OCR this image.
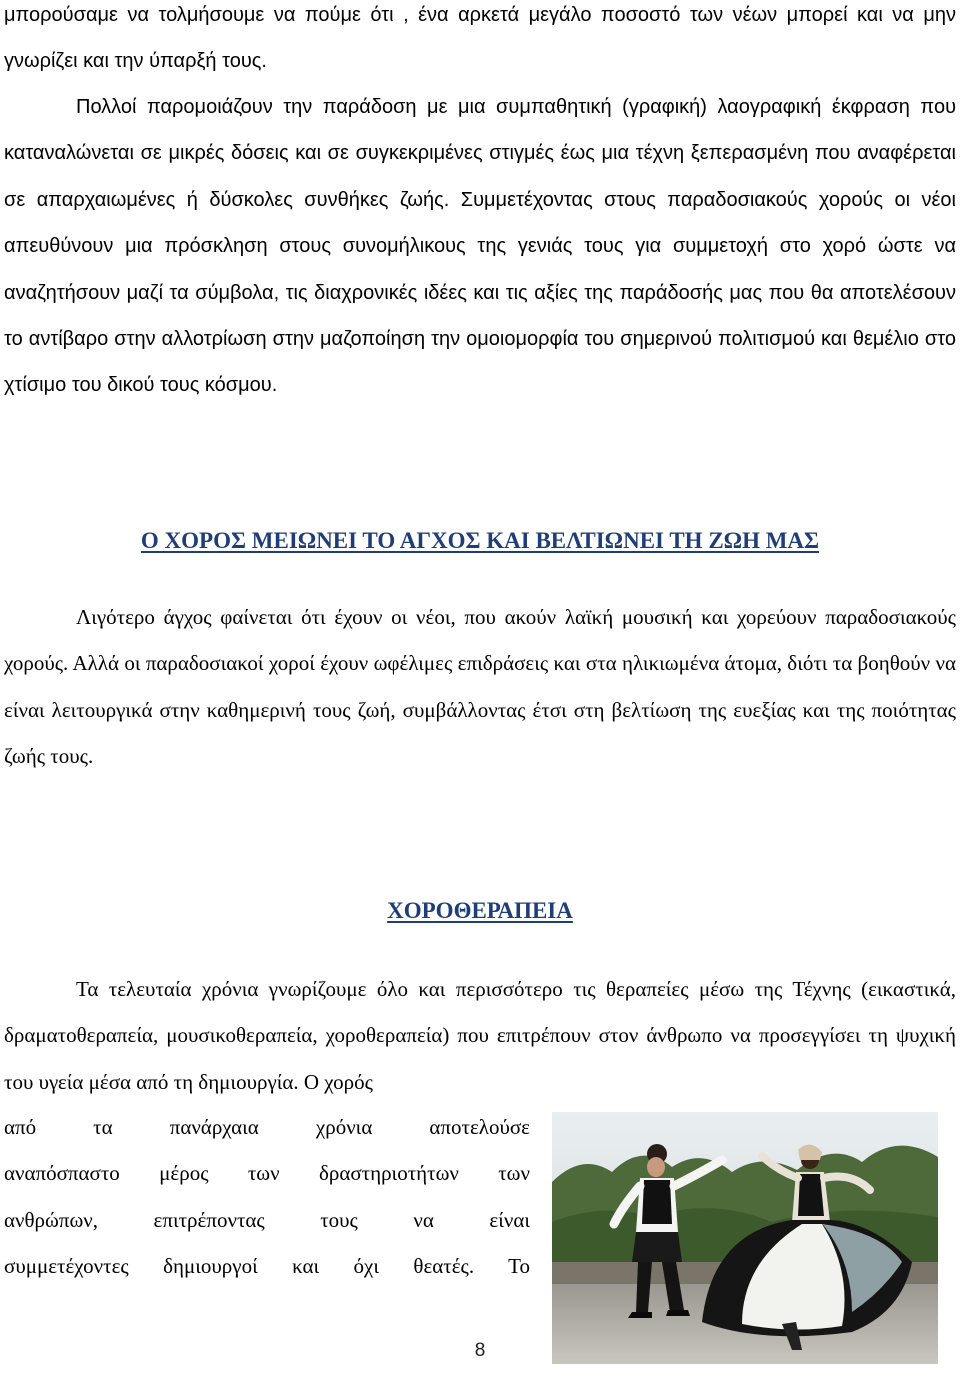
μπορούσαμε να τολμήσουμε να πούμε ότι , ένα αρκετά μεγάλο ποσοστό των νέων μπορεί και να μην γνωρίζει και την ύπαρξή τους.

Πολλοί παρομοιάζουν την παράδοση με μια συμπαθητική (γραφική) λαογραφική έκφραση που καταναλώνεται σε μικρές δόσεις και σε συγκεκριμένες στιγμές έως μια τέχνη ξεπερασμένη που αναφέρεται σε απαρχαιωμένες ή δύσκολες συνθήκες ζωής. Συμμετέχοντας στους παραδοσιακούς χορούς οι νέοι απευθύνουν μια πρόσκληση στους συνομήλικους της γενιάς τους για συμμετοχή στο χορό ώστε να αναζητήσουν μαζί τα σύμβολα, τις διαχρονικές ιδέες και τις αξίες της παράδοσής μας που θα αποτελέσουν το αντίβαρο στην αλλοτρίωση στην μαζοποίηση την ομοιομορφία του σημερινού πολιτισμού και θεμέλιο στο χτίσιμο του δικού τους κόσμου.

Ο ΧΟΡΟΣ ΜΕΙΩΝΕΙ ΤΟ ΑΓΧΟΣ ΚΑΙ ΒΕΛΤΙΩΝΕΙ ΤΗ ΖΩΗ ΜΑΣ

Λιγότερο άγχος φαίνεται ότι έχουν οι νέοι, που ακούν λαϊκή μουσική και χορεύουν παραδοσιακούς χορούς. Αλλά οι παραδοσιακοί χοροί έχουν ωφέλιμες επιδράσεις και στα ηλικιωμένα άτομα, διότι τα βοηθούν να είναι λειτουργικά στην καθημερινή τους ζωή, συμβάλλοντας έτσι στη βελτίωση της ευεξίας και της ποιότητας ζωής τους.

ΧΟΡΟΘΕΡΑΠΕΙΑ

Τα τελευταία χρόνια γνωρίζουμε όλο και περισσότερο τις θεραπείες μέσω της Τέχνης (εικαστικά, δραματοθεραπεία, μουσικοθεραπεία, χοροθεραπεία) που επιτρέπουν στον άνθρωπο να προσεγγίσει τη ψυχική του υγεία μέσα από τη δημιουργία. Ο χορός

από τα πανάρχαια χρόνια αποτελούσε
αναπόσπαστο μέρος των δραστηριοτήτων των
ανθρώπων, επιτρέποντας τους να είναι
συμμετέχοντες δημιουργοί και όχι θεατές. Το
8
